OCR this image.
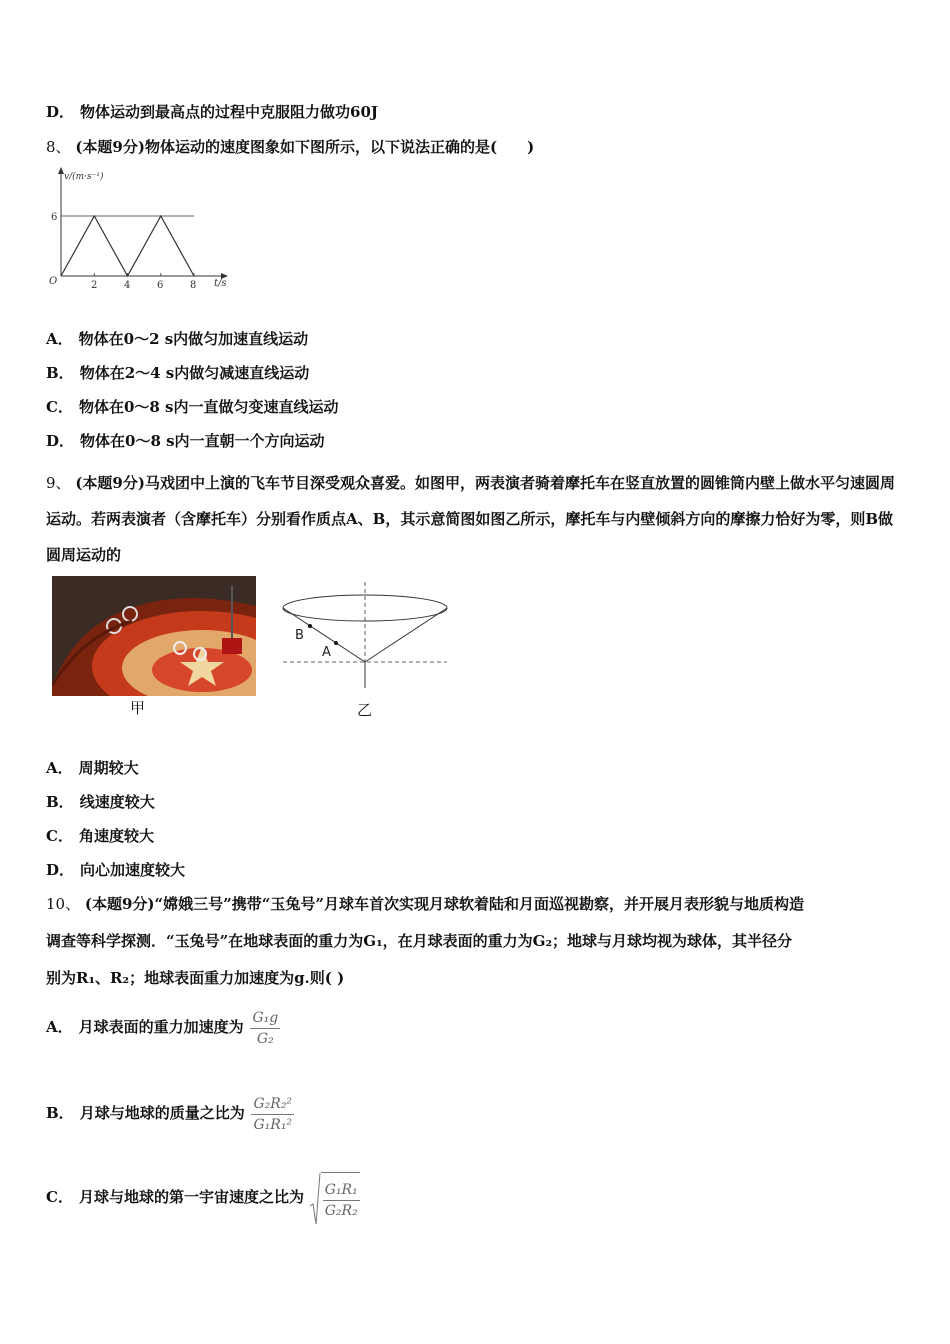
D． 物体运动到最高点的过程中克服阻力做功60J
8、 (本题9分)物体运动的速度图象如下图所示，以下说法正确的是(　　)
v/(m·s⁻¹)
t/s
O
6
2	4	6	8
A． 物体在0～2 s内做匀加速直线运动
B． 物体在2～4 s内做匀减速直线运动
C． 物体在0～8 s内一直做匀变速直线运动
D． 物体在0～8 s内一直朝一个方向运动
9、 (本题9分)马戏团中上演的飞车节目深受观众喜爱。如图甲，两表演者骑着摩托车在竖直放置的圆锥筒内壁上做水平匀速圆周运动。若两表演者（含摩托车）分别看作质点A、B，其示意简图如图乙所示，摩托车与内壁倾斜方向的摩擦力恰好为零，则B做圆周运动的
甲
B
A
乙
A． 周期较大
B． 线速度较大
C． 角速度较大
D． 向心加速度较大
10、 (本题9分)“嫦娥三号”携带“玉兔号”月球车首次实现月球软着陆和月面巡视勘察，并开展月表形貌与地质构造
调查等科学探测．“玉兔号”在地球表面的重力为G₁，在月球表面的重力为G₂；地球与月球均视为球体，其半径分
别为R₁、R₂；地球表面重力加速度为g.则( )
A． 月球表面的重力加速度为 $\frac{\text{G₁g}}{\text{G₂}}$
B． 月球与地球的质量之比为 $\frac{\text{G₂R₂²}}{\text{G₁R₁²}}$
C． 月球与地球的第一宇宙速度之比为 $\frac{\text{G₁R₁}}{\text{G₂R₂}}$
